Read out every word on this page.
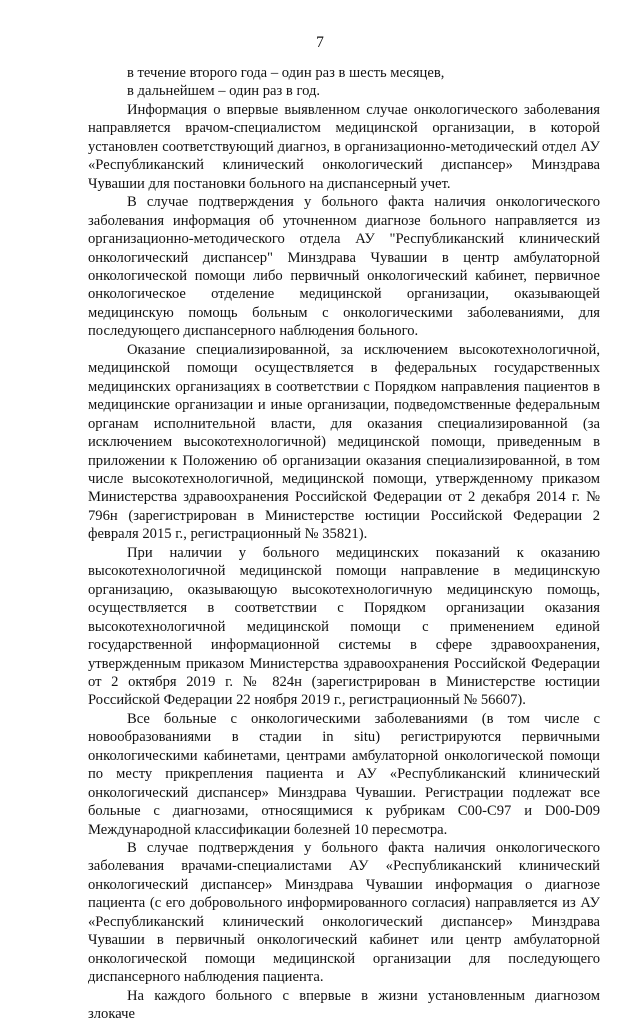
7

в течение второго года – один раз в шесть месяцев,

в дальнейшем – один раз в год.

Информация о впервые выявленном случае онкологического заболевания направляется врачом-специалистом медицинской организации, в которой установлен соответствующий диагноз, в организационно-методический отдел АУ «Республиканский клинический онкологический диспансер» Минздрава Чувашии для постановки больного на диспансерный учет.

В случае подтверждения у больного факта наличия онкологического заболевания информация об уточненном диагнозе больного направляется из организационно-методического отдела АУ "Республиканский клинический онкологический диспансер" Минздрава Чувашии в центр амбулаторной онкологической помощи либо первичный онкологический кабинет, первичное онкологическое отделение медицинской организации, оказывающей медицинскую помощь больным с онкологическими заболеваниями, для последующего диспансерного наблюдения больного.

Оказание специализированной, за исключением высокотехнологичной, медицинской помощи осуществляется в федеральных государственных медицинских организациях в соответствии с Порядком направления пациентов в медицинские организации и иные организации, подведомственные федеральным органам исполнительной власти, для оказания специализированной (за исключением высокотехнологичной) медицинской помощи, приведенным в приложении к Положению об организации оказания специализированной, в том числе высокотехнологичной, медицинской помощи, утвержденному приказом Министерства здравоохранения Российской Федерации от 2 декабря 2014 г. № 796н (зарегистрирован в Министерстве юстиции Российской Федерации 2 февраля 2015 г., регистрационный № 35821).

При наличии у больного медицинских показаний к оказанию высокотехнологичной медицинской помощи направление в медицинскую организацию, оказывающую высокотехнологичную медицинскую помощь, осуществляется в соответствии с Порядком организации оказания высокотехнологичной медицинской помощи с применением единой государственной информационной системы в сфере здравоохранения, утвержденным приказом Министерства здравоохранения Российской Федерации от 2 октября 2019 г. № 824н (зарегистрирован в Министерстве юстиции Российской Федерации 22 ноября 2019 г., регистрационный № 56607).

Все больные с онкологическими заболеваниями (в том числе с новообразованиями в стадии in situ) регистрируются первичными онкологическими кабинетами, центрами амбулаторной онкологической помощи по месту прикрепления пациента и АУ «Республиканский клинический онкологический диспансер» Минздрава Чувашии. Регистрации подлежат все больные с диагнозами, относящимися к рубрикам С00-С97 и D00-D09 Международной классификации болезней 10 пересмотра.

В случае подтверждения у больного факта наличия онкологического заболевания врачами-специалистами АУ «Республиканский клинический онкологический диспансер» Минздрава Чувашии информация о диагнозе пациента (с его добровольного информированного согласия) направляется из АУ «Республиканский клинический онкологический диспансер» Минздрава Чувашии в первичный онкологический кабинет или центр амбулаторной онкологической помощи медицинской организации для последующего диспансерного наблюдения пациента.

На каждого больного с впервые в жизни установленным диагнозом злокаче
